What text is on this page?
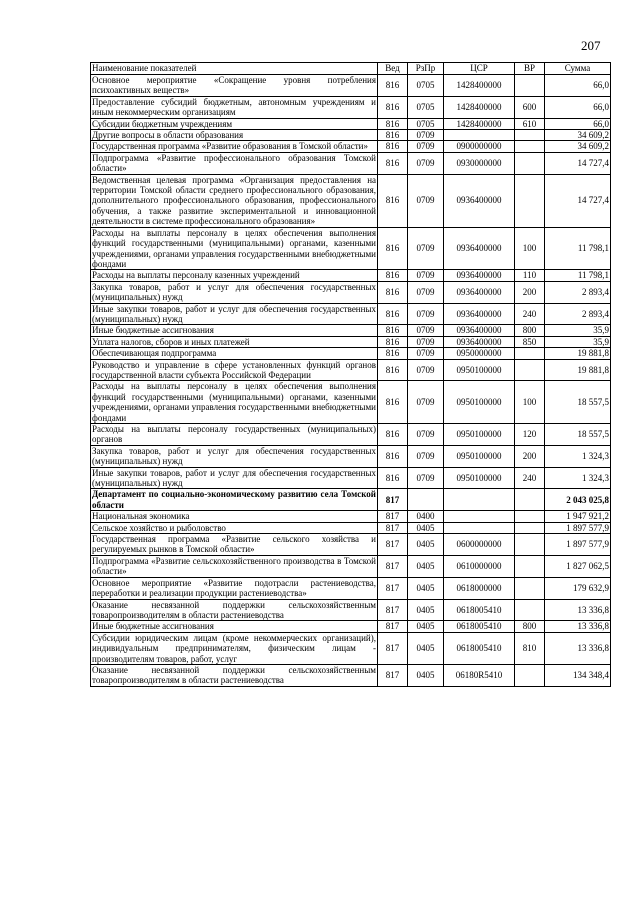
207
Наименование показателей	Вед	РзПр	ЦСР	ВР	Сумма
Основное мероприятие «Сокращение уровня потребления психоактивных веществ»	816	0705	1428400000		66,0
Предоставление субсидий бюджетным, автономным учреждениям и иным некоммерческим организациям	816	0705	1428400000	600	66,0
Субсидии бюджетным учреждениям	816	0705	1428400000	610	66,0
Другие вопросы в области образования	816	0709			34 609,2
Государственная программа «Развитие образования в Томской области»	816	0709	0900000000		34 609,2
Подпрограмма «Развитие профессионального образования Томской области»	816	0709	0930000000		14 727,4
Ведомственная целевая программа «Организация предоставления на территории Томской области среднего профессионального образования, дополнительного профессионального образования, профессионального обучения, а также развитие экспериментальной и инновационной деятельности в системе профессионального образования»	816	0709	0936400000		14 727,4
Расходы на выплаты персоналу в целях обеспечения выполнения функций государственными (муниципальными) органами, казенными учреждениями, органами управления государственными внебюджетными фондами	816	0709	0936400000	100	11 798,1
Расходы на выплаты персоналу казенных учреждений	816	0709	0936400000	110	11 798,1
Закупка товаров, работ и услуг для обеспечения государственных (муниципальных) нужд	816	0709	0936400000	200	2 893,4
Иные закупки товаров, работ и услуг для обеспечения государственных (муниципальных) нужд	816	0709	0936400000	240	2 893,4
Иные бюджетные ассигнования	816	0709	0936400000	800	35,9
Уплата налогов, сборов и иных платежей	816	0709	0936400000	850	35,9
Обеспечивающая подпрограмма	816	0709	0950000000		19 881,8
Руководство и управление в сфере установленных функций органов государственной власти субъекта Российской Федерации	816	0709	0950100000		19 881,8
Расходы на выплаты персоналу в целях обеспечения выполнения функций государственными (муниципальными) органами, казенными учреждениями, органами управления государственными внебюджетными фондами	816	0709	0950100000	100	18 557,5
Расходы на выплаты персоналу государственных (муниципальных) органов	816	0709	0950100000	120	18 557,5
Закупка товаров, работ и услуг для обеспечения государственных (муниципальных) нужд	816	0709	0950100000	200	1 324,3
Иные закупки товаров, работ и услуг для обеспечения государственных (муниципальных) нужд	816	0709	0950100000	240	1 324,3
Департамент по социально-экономическому развитию села Томской области	817				2 043 025,8
Национальная экономика	817	0400			1 947 921,2
Сельское хозяйство и рыболовство	817	0405			1 897 577,9
Государственная программа «Развитие сельского хозяйства и регулируемых рынков в Томской области»	817	0405	0600000000		1 897 577,9
Подпрограмма «Развитие сельскохозяйственного производства в Томской области»	817	0405	0610000000		1 827 062,5
Основное мероприятие «Развитие подотрасли растениеводства, переработки и реализации продукции растениеводства»	817	0405	0618000000		179 632,9
Оказание несвязанной поддержки сельскохозяйственным товаропроизводителям в области растениеводства	817	0405	0618005410		13 336,8
Иные бюджетные ассигнования	817	0405	0618005410	800	13 336,8
Субсидии юридическим лицам (кроме некоммерческих организаций), индивидуальным предпринимателям, физическим лицам - производителям товаров, работ, услуг	817	0405	0618005410	810	13 336,8
Оказание несвязанной поддержки сельскохозяйственным товаропроизводителям в области растениеводства	817	0405	06180R5410		134 348,4
